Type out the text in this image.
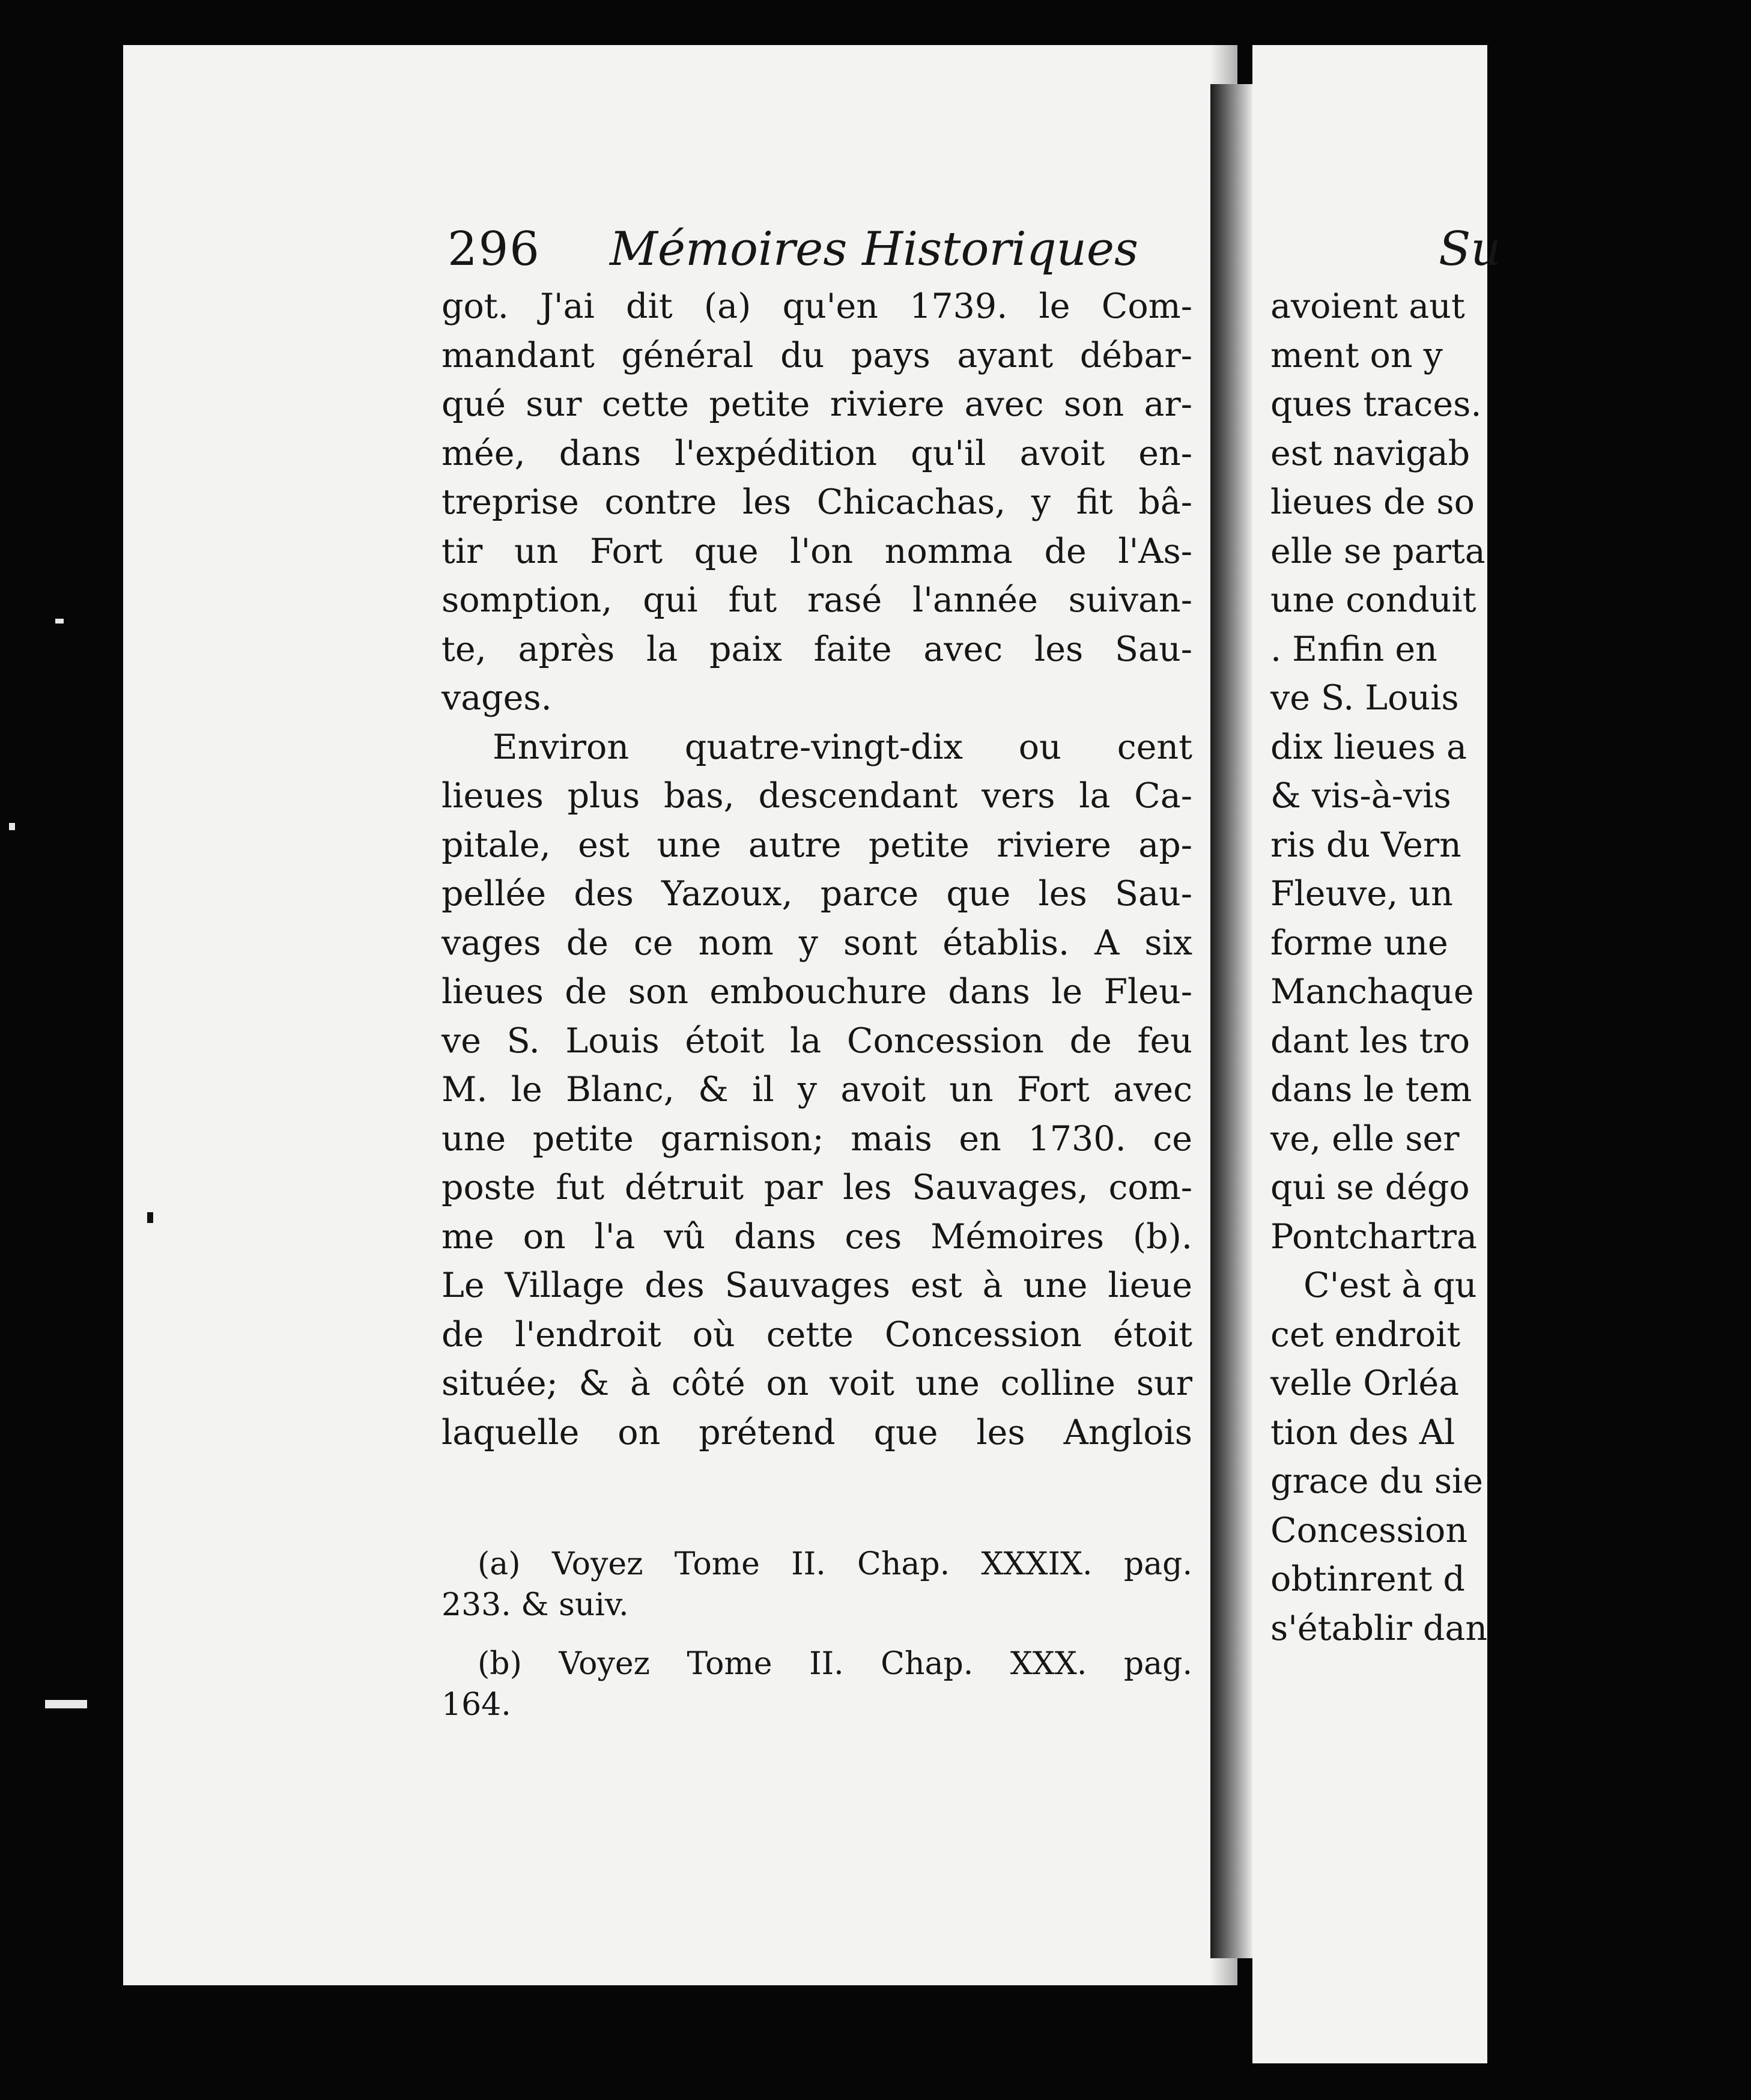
296 Mémoires Historiques
got. J'ai dit (a) qu'en 1739. le Com-
mandant général du pays ayant débar-
qué sur cette petite riviere avec son ar-
mée, dans l'expédition qu'il avoit en-
treprise contre les Chicachas, y fit bâ-
tir un Fort que l'on nomma de l'As-
somption, qui fut rasé l'année suivan-
te, après la paix faite avec les Sau-
vages.
Environ quatre-vingt-dix ou cent
lieues plus bas, descendant vers la Ca-
pitale, est une autre petite riviere ap-
pellée des Yazoux, parce que les Sau-
vages de ce nom y sont établis. A six
lieues de son embouchure dans le Fleu-
ve S. Louis étoit la Concession de feu
M. le Blanc, & il y avoit un Fort avec
une petite garnison; mais en 1730. ce
poste fut détruit par les Sauvages, com-
me on l'a vû dans ces Mémoires (b).
Le Village des Sauvages est à une lieue
de l'endroit où cette Concession étoit
située; & à côté on voit une colline sur
laquelle on prétend que les Anglois
(a) Voyez Tome II. Chap. XXXIX. pag.
233. & suiv.
(b) Voyez Tome II. Chap. XXX. pag.
164.
Su
avoient aut
ment on y
ques traces.
est navigab
lieues de so
elle se parta
une conduit
. Enfin en
ve S. Louis
dix lieues a
& vis-à-vis
ris du Vern
Fleuve, un
forme une
Manchaque
dant les tro
dans le tem
ve, elle ser
qui se dégo
Pontchartra
C'est à qu
cet endroit
velle Orléa
tion des Al
grace du sie
Concession
obtinrent d
s'établir dan
